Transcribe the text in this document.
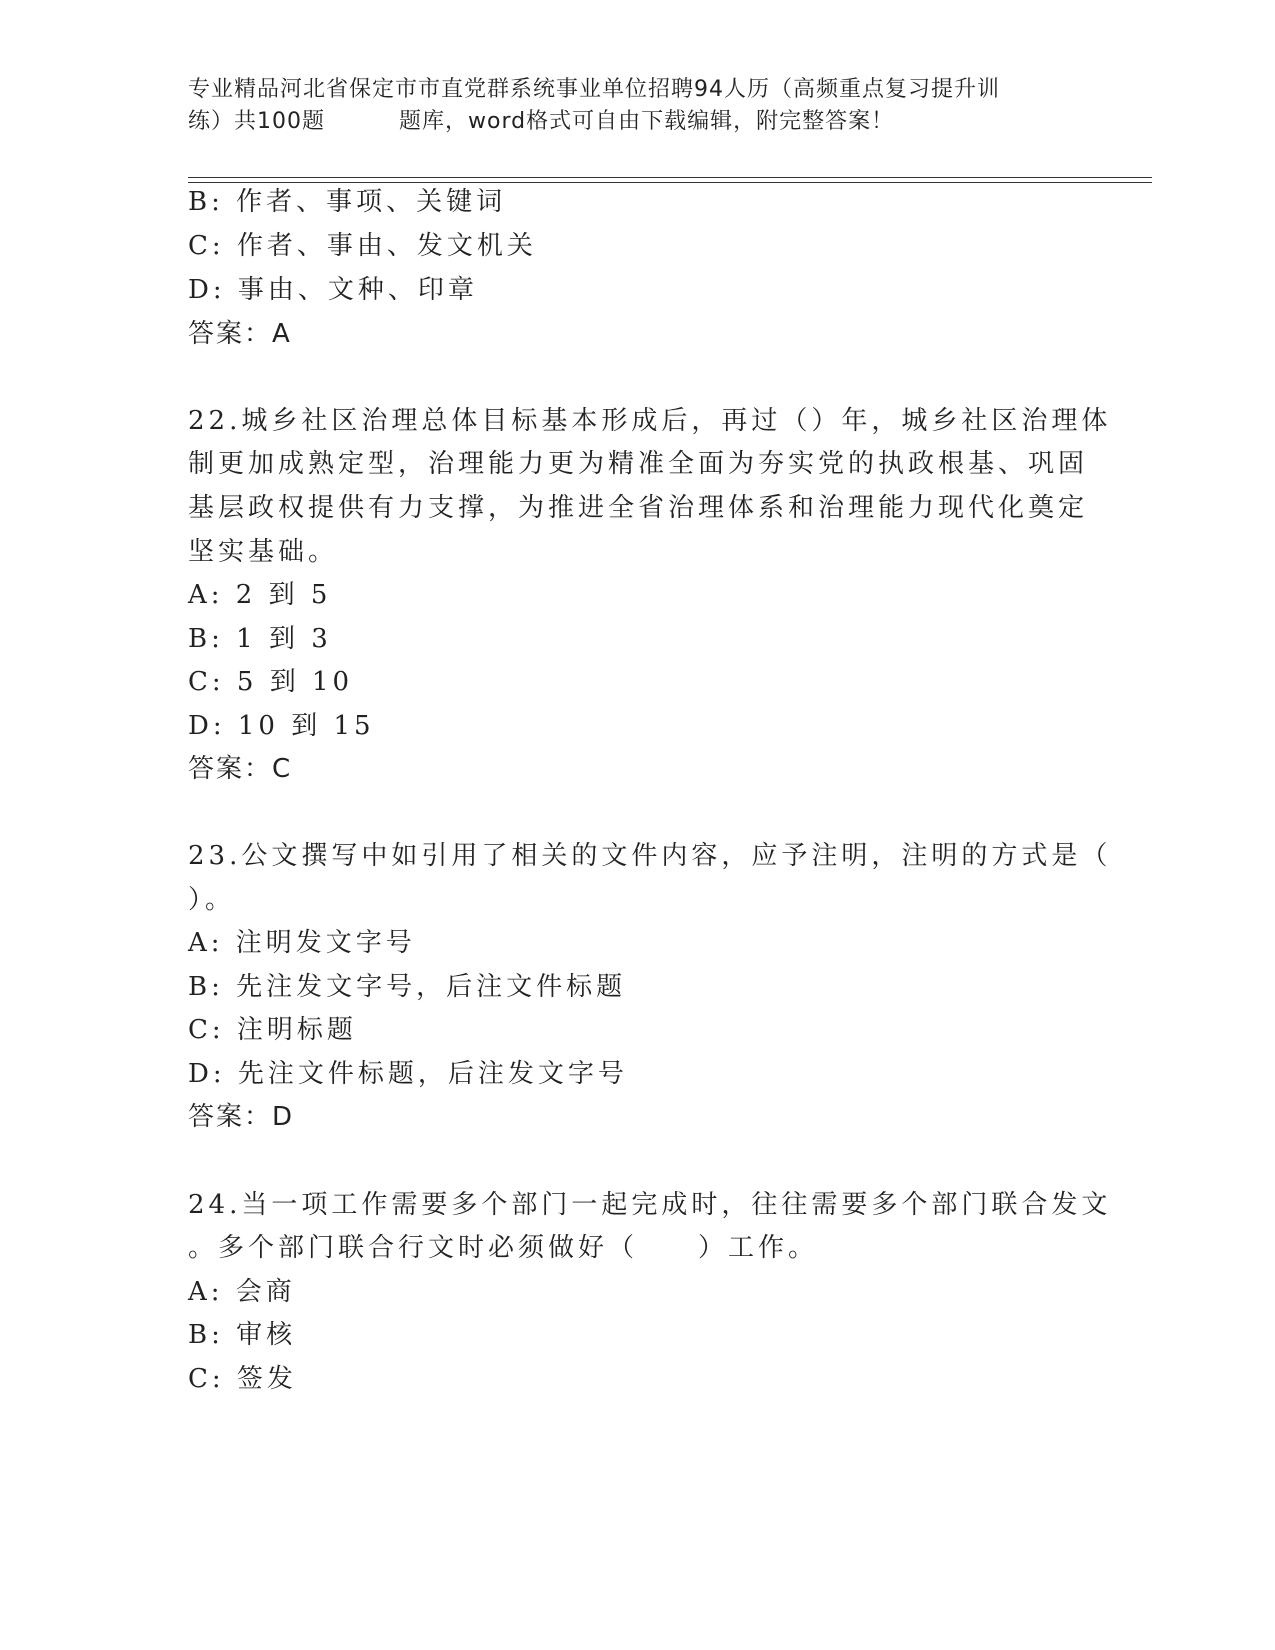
专业精品河北省保定市市直党群系统事业单位招聘94人历（高频重点复习提升训
练）共100题	题库，word格式可自由下载编辑，附完整答案！
B: 作者、事项、关键词
C: 作者、事由、发文机关
D: 事由、文种、印章
答案：A
22.城乡社区治理总体目标基本形成后，再过（）年，城乡社区治理体
制更加成熟定型，治理能力更为精准全面为夯实党的执政根基、巩固
基层政权提供有力支撑，为推进全省治理体系和治理能力现代化奠定
坚实基础。
A: 2 到 5
B: 1 到 3
C: 5 到 10
D: 10 到 15
答案：C
23.公文撰写中如引用了相关的文件内容，应予注明，注明的方式是（
）。
A: 注明发文字号
B: 先注发文字号，后注文件标题
C: 注明标题
D: 先注文件标题，后注发文字号
答案：D
24.当一项工作需要多个部门一起完成时，往往需要多个部门联合发文
。多个部门联合行文时必须做好（　　）工作。
A: 会商
B: 审核
C: 签发
